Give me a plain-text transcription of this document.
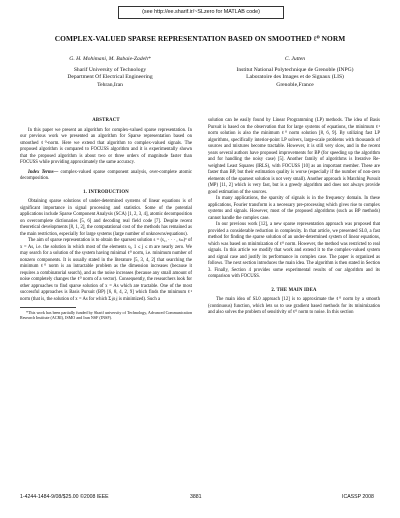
(see http://ee.sharif.ir/~SLzero for MATLAB code)
COMPLEX-VALUED SPARSE REPRESENTATION BASED ON SMOOTHED ℓ⁰ NORM
G. H. Mohimani, M. Babaie-Zadeh*
Sharif University of Technology
Department Of Electrical Engineering
Tehran,Iran
C. Jutten
Institut National Polytechnique de Grenoble (INPG)
Laboratoire des Images et de Signaux (LIS)
Grenoble,France
ABSTRACT

In this paper we present an algorithm for complex-valued sparse representation. In our previous work we presented an algorithm for Sparse representation based on smoothed ℓ⁰-norm. Here we extend that algorithm to complex-valued signals. The proposed algorithm is compared to FOCUSS algorithm and it is experimentally shown that the proposed algorithm is about two or three orders of magnitude faster than FOCUSS while providing approximately the same accuracy.

Index Terms— complex-valued sparse component analysis, over-complete atomic decomposition.

1. INTRODUCTION

Obtaining sparse solutions of under-determined systems of linear equations is of significant importance in signal processing and statistics. Some of the potential applications include Sparse Component Analysis (SCA) [1, 2, 3, 4], atomic decomposition on overcomplete dictionaries [5, 6] and decoding real field code [7]. Despite recent theoretical developments [8, 1, 2], the computational cost of the methods has remained as the main restriction, especially for large systems (large number of unknowns/equations).

The aim of sparse representation is to obtain the sparsest solution s = (s₁, · · · , sₘ)ᵀ of x = As, i.e. the solution in which most of the elements sⱼ, 1 ≤ j ≤ m are nearly zero. We may search for a solution of the system having minimal ℓ⁰ norm, i.e. minimum number of nonzero components. It is usually stated in the literature [5, 3, 4, 2] that searching the minimum ℓ⁰ norm is an intractable problem as the dimension increases (because it requires a combinatorial search), and as the noise increases (because any small amount of noise completely changes the ℓ⁰ norm of a vector). Consequently, the researchers look for other approaches to find sparse solution of x = As which are tractable. One of the most successful approaches is Basis Pursuit (BP) [6, 8, 4, 2, 9] which finds the minimum ℓ¹ norm (that is, the solution of x = As for which Σⱼ|sⱼ| is minimized). Such a

*This work has been partially funded by Sharif university of Technology, Advanced Communication Research Institute (ACRI), ISMO and Iran NSF (INSF).

solution can be easily found by Linear Programming (LP) methods. The idea of Basis Pursuit is based on the observation that for large systems of equations, the minimum ℓ¹ norm solution is also the minimum ℓ⁰ norm solution [8, 6, 9]. By utilizing fast LP algorithms, specifically interior-point LP solvers, large-scale problems with thousands of sources and mixtures become tractable. However, it is still very slow, and in the recent years several authors have proposed improvements for BP (for speeding up the algorithm and for handling the noisy case) [5]. Another family of algorithms is Iterative Re-weighted Least Squares (IRLS), with FOCUSS [10] as an important member. These are faster than BP, but their estimation quality is worse (especially if the number of non-zero elements of the sparsest solution is not very small). Another approach is Matching Pursuit (MP) [11, 2] which is very fast, but is a greedy algorithm and does not always provide good estimation of the sources.

In many applications, the sparsity of signals is in the frequency domain. In these applications, Fourier transform is a necessary pre-processing which gives rise to complex systems and signals. However, most of the proposed algorithms (such as BP methods) cannot handle the complex case.

In our previous work [12], a new sparse representation approach was proposed that provided a considerable reduction in complexity. In that article, we presented SL0, a fast method for finding the sparse solution of an under-determined system of linear equations, which was based on minimization of ℓ⁰ norm. However, the method was restricted to real signals. In this article we modify that work and extend it to the complex-valued system and signal case and justify its performance in complex case. The paper is organized as follows. The next section introduces the main idea. The algorithm is then stated in Section 3. Finally, Section 4 provides some experimental results of our algorithm and its comparison with FOCUSS.

2. THE MAIN IDEA

The main idea of SL0 approach [12] is to approximate the ℓ⁰ norm by a smooth (continuous) function, which lets us to use gradient based methods for its minimization and also solves the problem of sensitivity of ℓ⁰ norm to noise. In this section

1-4244-1484-9/08/$25.00 ©2008 IEEE	3881	ICASSP 2008
